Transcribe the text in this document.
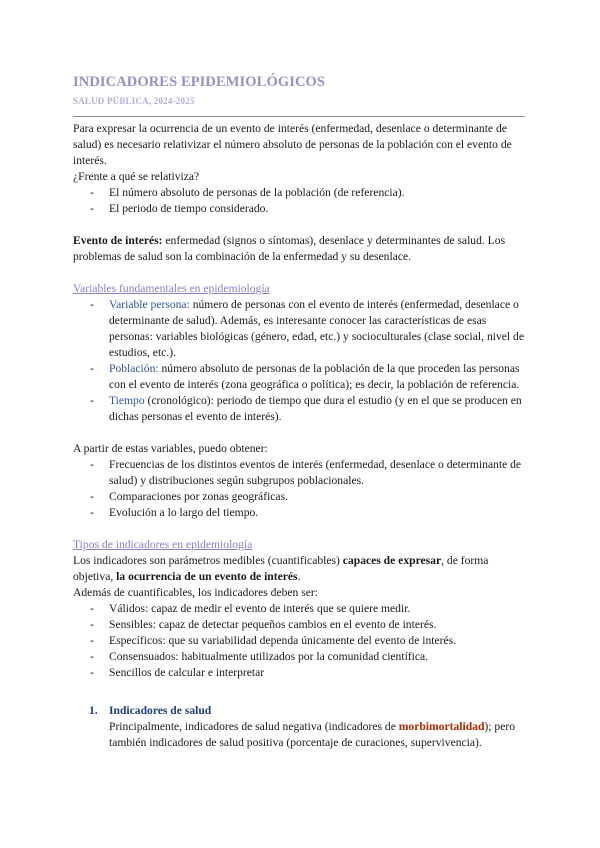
INDICADORES EPIDEMIOLÓGICOS
SALUD PÚBLICA, 2024-2025

Para expresar la ocurrencia de un evento de interés (enfermedad, desenlace o determinante de salud) es necesario relativizar el número absoluto de personas de la población con el evento de interés.

¿Frente a qué se relativiza?

- El número absoluto de personas de la población (de referencia).
- El periodo de tiempo considerado.

Evento de interés: enfermedad (signos o síntomas), desenlace y determinantes de salud. Los problemas de salud son la combinación de la enfermedad y su desenlace.

Variables fundamentales en epidemiología

- Variable persona: número de personas con el evento de interés (enfermedad, desenlace o determinante de salud). Además, es interesante conocer las características de esas personas: variables biológicas (género, edad, etc.) y socioculturales (clase social, nivel de estudios, etc.).
- Población: número absoluto de personas de la población de la que proceden las personas con el evento de interés (zona geográfica o política); es decir, la población de referencia.
- Tiempo (cronológico): periodo de tiempo que dura el estudio (y en el que se producen en dichas personas el evento de interés).

A partir de estas variables, puedo obtener:

- Frecuencias de los distintos eventos de interés (enfermedad, desenlace o determinante de salud) y distribuciones según subgrupos poblacionales.
- Comparaciones por zonas geográficas.
- Evolución a lo largo del tiempo.

Tipos de indicadores en epidemiología

Los indicadores son parámetros medibles (cuantificables) capaces de expresar, de forma objetiva, la ocurrencia de un evento de interés.

Además de cuantificables, los indicadores deben ser:

- Válidos: capaz de medir el evento de interés que se quiere medir.
- Sensibles: capaz de detectar pequeños cambios en el evento de interés.
- Específicos: que su variabilidad dependa únicamente del evento de interés.
- Consensuados: habitualmente utilizados por la comunidad científica.
- Sencillos de calcular e interpretar
1. Indicadores de salud

Principalmente, indicadores de salud negativa (indicadores de morbimortalidad); pero también indicadores de salud positiva (porcentaje de curaciones, supervivencia).
